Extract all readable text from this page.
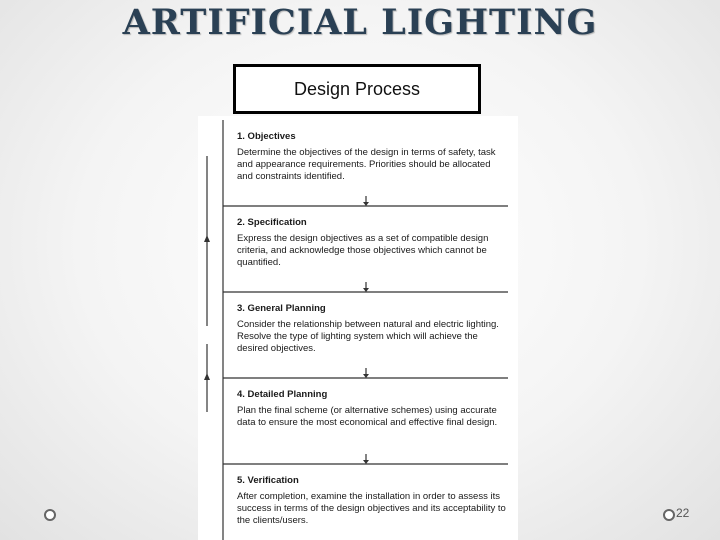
ARTIFICIAL LIGHTING
Design Process
1. Objectives
Determine the objectives of the design in terms of safety, task and appearance requirements. Priorities should be allocated and constraints identified.
2. Specification
Express the design objectives as a set of compatible design criteria, and acknowledge those objectives which cannot be quantified.
3. General Planning
Consider the relationship between natural and electric lighting. Resolve the type of lighting system which will achieve the desired objectives.
4. Detailed Planning
Plan the final scheme (or alternative schemes) using accurate data to ensure the most economical and effective final design.
5. Verification
After completion, examine the installation in order to assess its success in terms of the design objectives and its acceptability to the clients/users.
22
